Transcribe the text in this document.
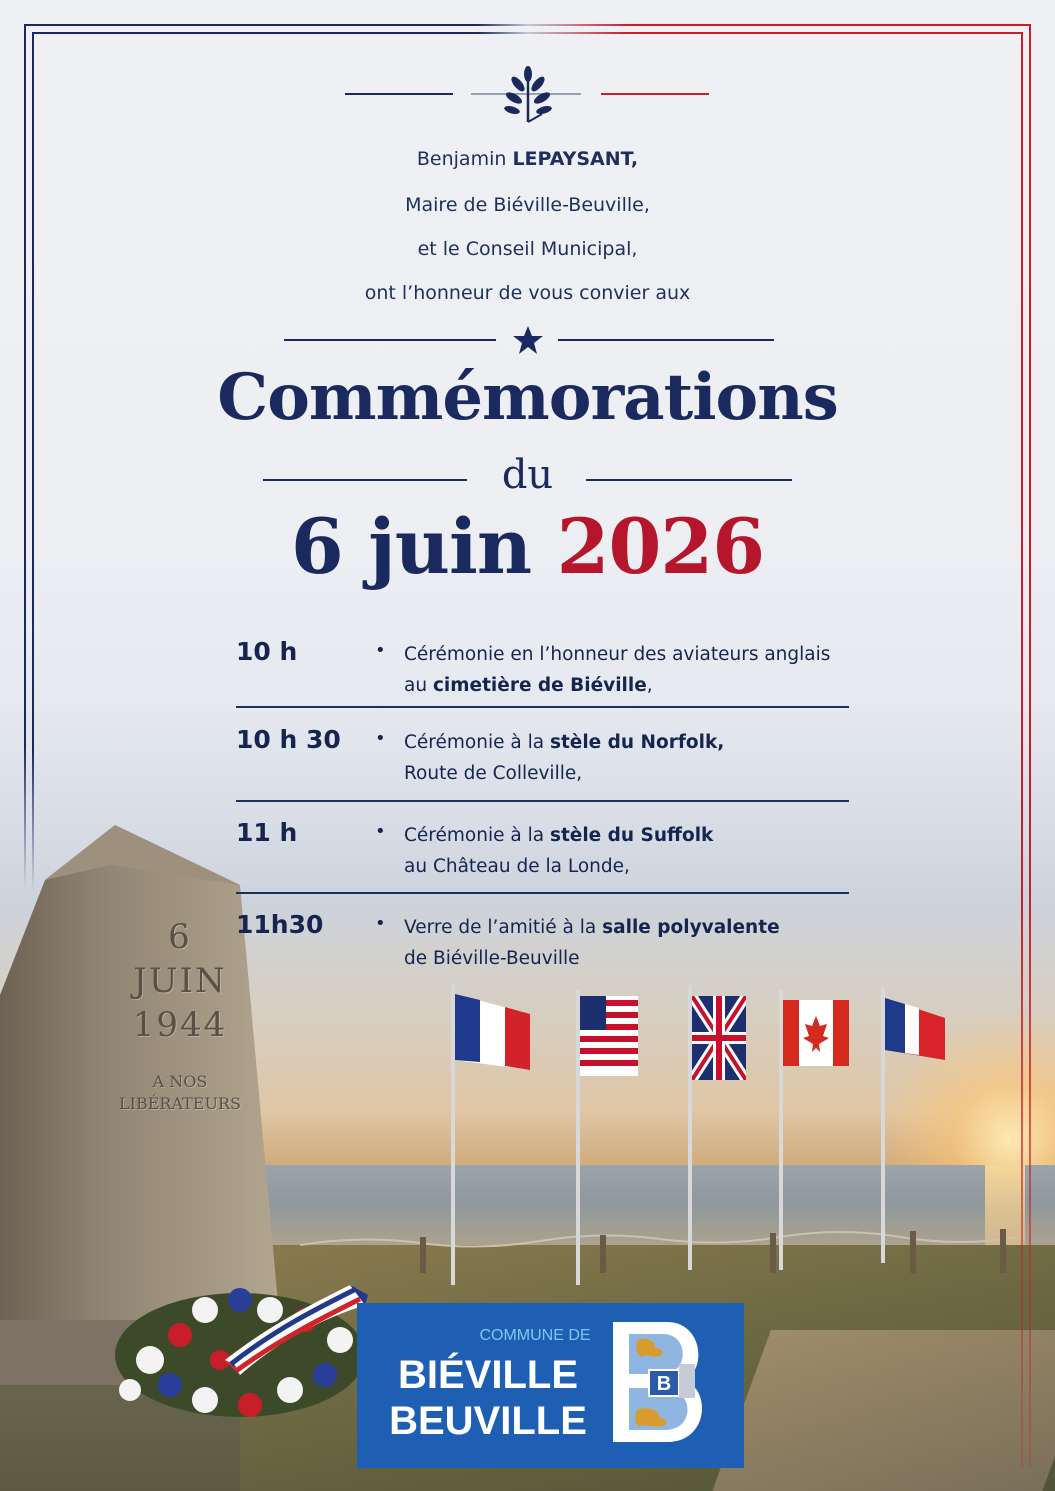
6
JUIN
1944
A NOS
LIBÉRATEURS
Benjamin LEPAYSANT,
Maire de Biéville-Beuville,
et le Conseil Municipal,
ont l’honneur de vous convier aux
Commémorations
du
6 juin 2026
10 h	• Cérémonie en l’honneur des aviateurs anglais
au cimetière de Biéville,
10 h 30 • Cérémonie à la stèle du Norfolk,
Route de Colleville,
11 h	• Cérémonie à la stèle du Suffolk
au Château de la Londe,
11h30	• Verre de l’amitié à la salle polyvalente
de Biéville-Beuville
COMMUNE DE
BIÉVILLE
BEUVILLE
B
